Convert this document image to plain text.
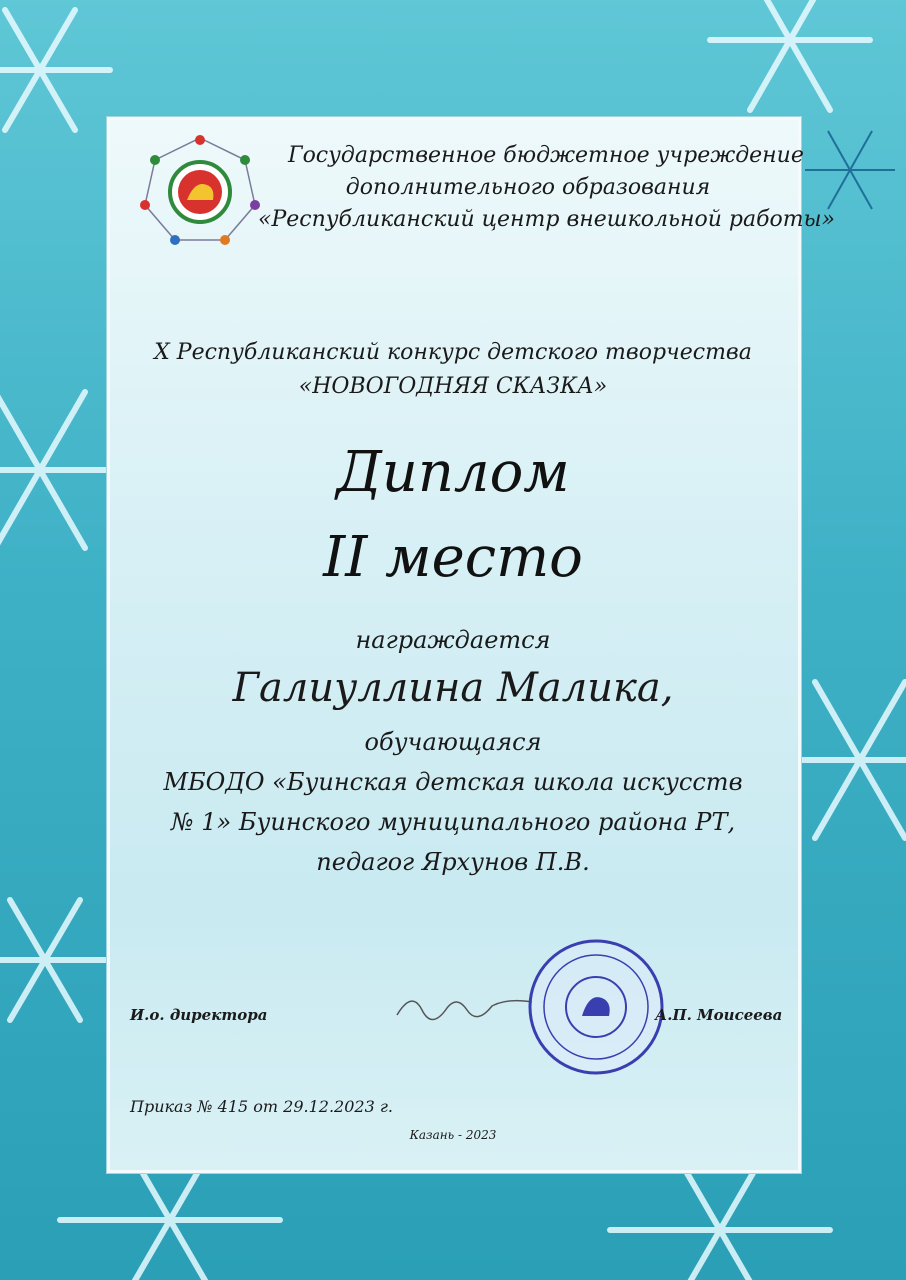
Государственное бюджетное учреждение
дополнительного образования
«Республиканский центр внешкольной работы»
X Республиканский конкурс детского творчества
«НОВОГОДНЯЯ СКАЗКА»
Диплом
II место
награждается
Галиуллина Малика,
обучающаяся
МБОДО «Буинская детская школа искусств
№ 1» Буинского муниципального района РТ,
педагог Ярхунов П.В.
И.о. директора	А.П. Моисеева
Приказ № 415 от 29.12.2023 г.
Казань - 2023
